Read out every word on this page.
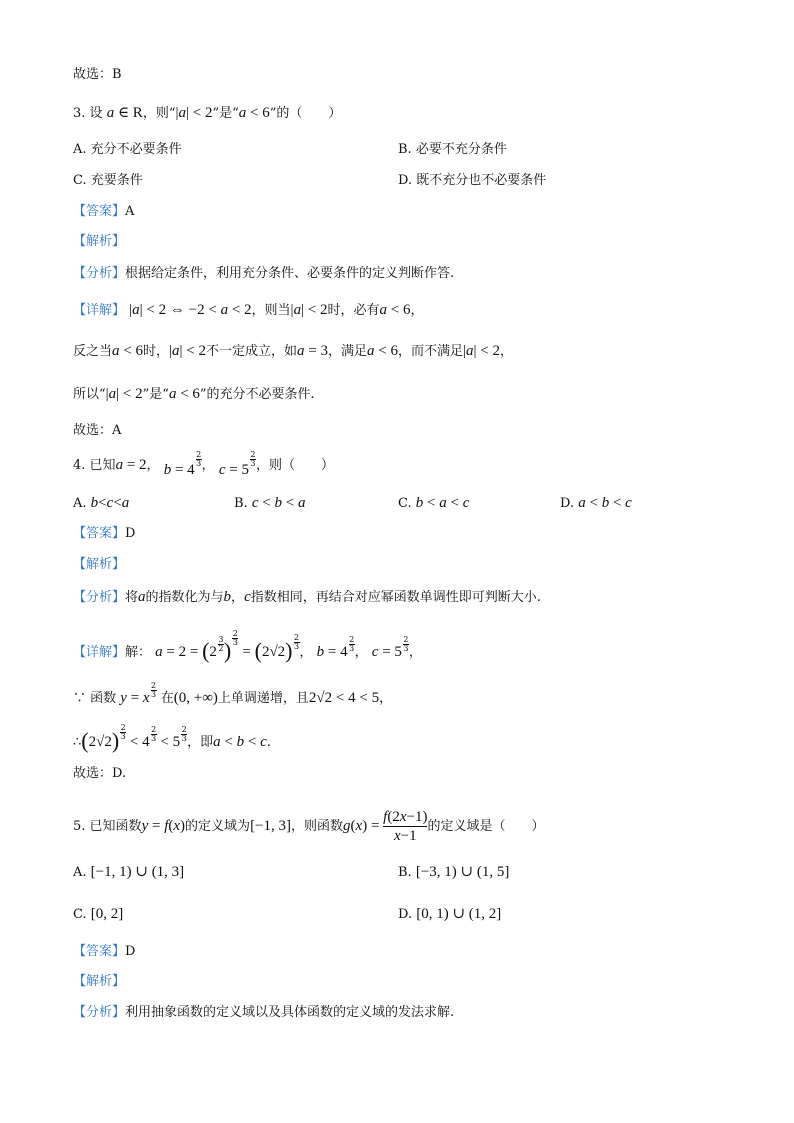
故选：B
3. 设 a ∈ R，则“|a| < 2”是“a < 6”的（　　）
A. 充分不必要条件	B. 必要不充分条件
C. 充要条件	D. 既不充分也不必要条件
【答案】A
【解析】
【分析】根据给定条件，利用充分条件、必要条件的定义判断作答.
【详解】 |a| < 2 ⇔ −2 < a < 2，则当|a| < 2时，必有a < 6，
反之当a < 6时，|a| < 2不一定成立，如a = 3，满足a < 6，而不满足|a| < 2，
所以“|a| < 2”是“a < 6”的充分不必要条件.
故选：A
4. 已知a = 2， b = 4
$\frac{2}{3}$ ， c = 5
$\frac{2}{3}$ ，则（　　）
A. b<c<a	B. c < b < a	C. b < a < c	D. a < b < c
【答案】D
【解析】
【分析】将a的指数化为与b，c指数相同，再结合对应幂函数单调性即可判断大小.
【详解】解： $a = 2 = (2 \frac{3}{2}$ ) $\frac{2}{3}$
= $(2√2) \frac{2}{3}$
， $b = 4 \frac{2}{3}$ ， $c = 5 \frac{2}{3}$ ，
∵ 函数 y = x $\frac{2}{3}$ 在(0, +∞)上单调递增，且2√2 < 4 < 5，
∴(2√2) $\frac{2}{3}$
< $4 \frac{2}{3} < 5 \frac{2}{3}$ ，即a < b < c.
故选：D.
5. 已知函数y = f(x)的定义域为[−1, 3]，则函数$g(x) = \frac{f(2x-1)}{x-1}$ 的定义域是（　　）
A. [−1, 1) ∪ (1, 3]	B. [−3, 1) ∪ (1, 5]
C. [0, 2]	D. [0, 1) ∪ (1, 2]
【答案】D
【解析】
【分析】利用抽象函数的定义域以及具体函数的定义域的发法求解.
